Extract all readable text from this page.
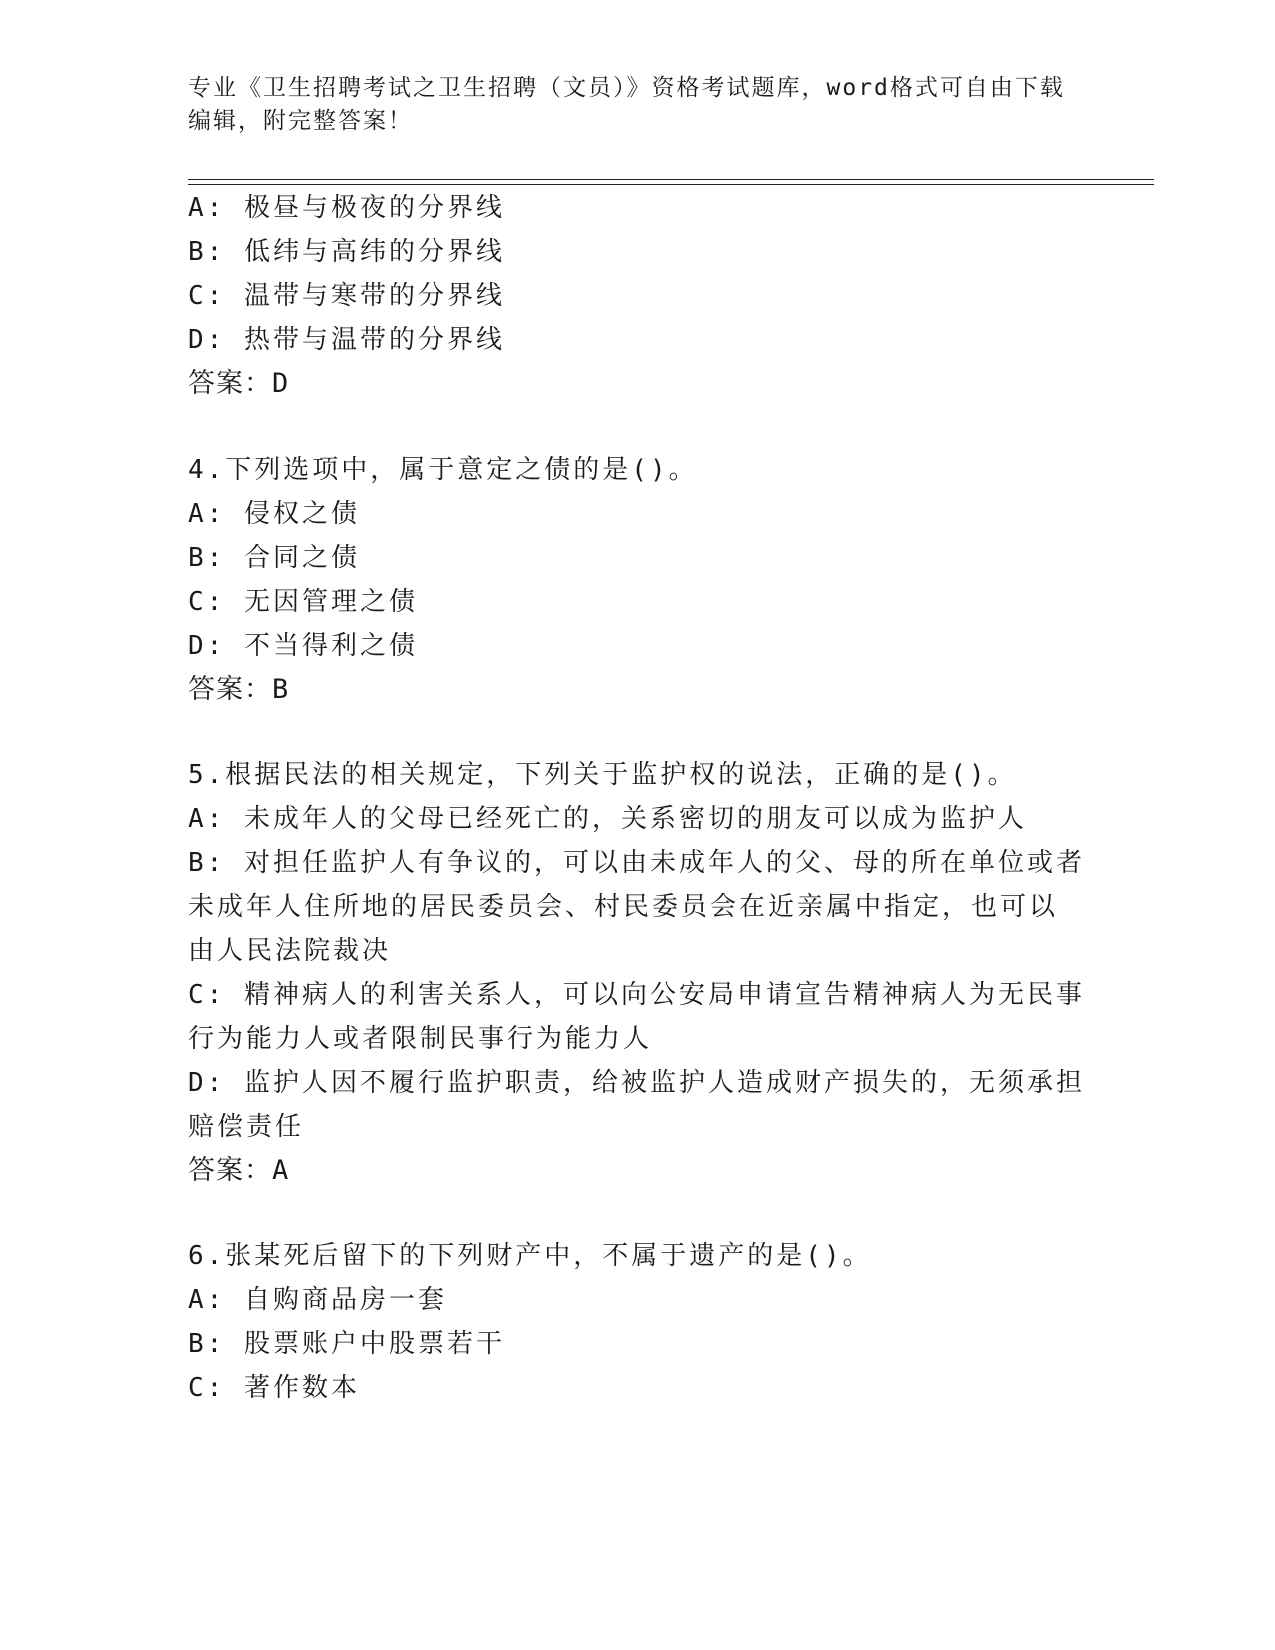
专业《卫生招聘考试之卫生招聘（文员）》资格考试题库，word格式可自由下载
编辑，附完整答案！
A: 极昼与极夜的分界线
B: 低纬与高纬的分界线
C: 温带与寒带的分界线
D: 热带与温带的分界线
答案：D
4.下列选项中，属于意定之债的是()。
A: 侵权之债
B: 合同之债
C: 无因管理之债
D: 不当得利之债
答案：B
5.根据民法的相关规定，下列关于监护权的说法，正确的是()。
A: 未成年人的父母已经死亡的，关系密切的朋友可以成为监护人
B: 对担任监护人有争议的，可以由未成年人的父、母的所在单位或者
未成年人住所地的居民委员会、村民委员会在近亲属中指定，也可以
由人民法院裁决
C: 精神病人的利害关系人，可以向公安局申请宣告精神病人为无民事
行为能力人或者限制民事行为能力人
D: 监护人因不履行监护职责，给被监护人造成财产损失的，无须承担
赔偿责任
答案：A
6.张某死后留下的下列财产中，不属于遗产的是()。
A: 自购商品房一套
B: 股票账户中股票若干
C: 著作数本
